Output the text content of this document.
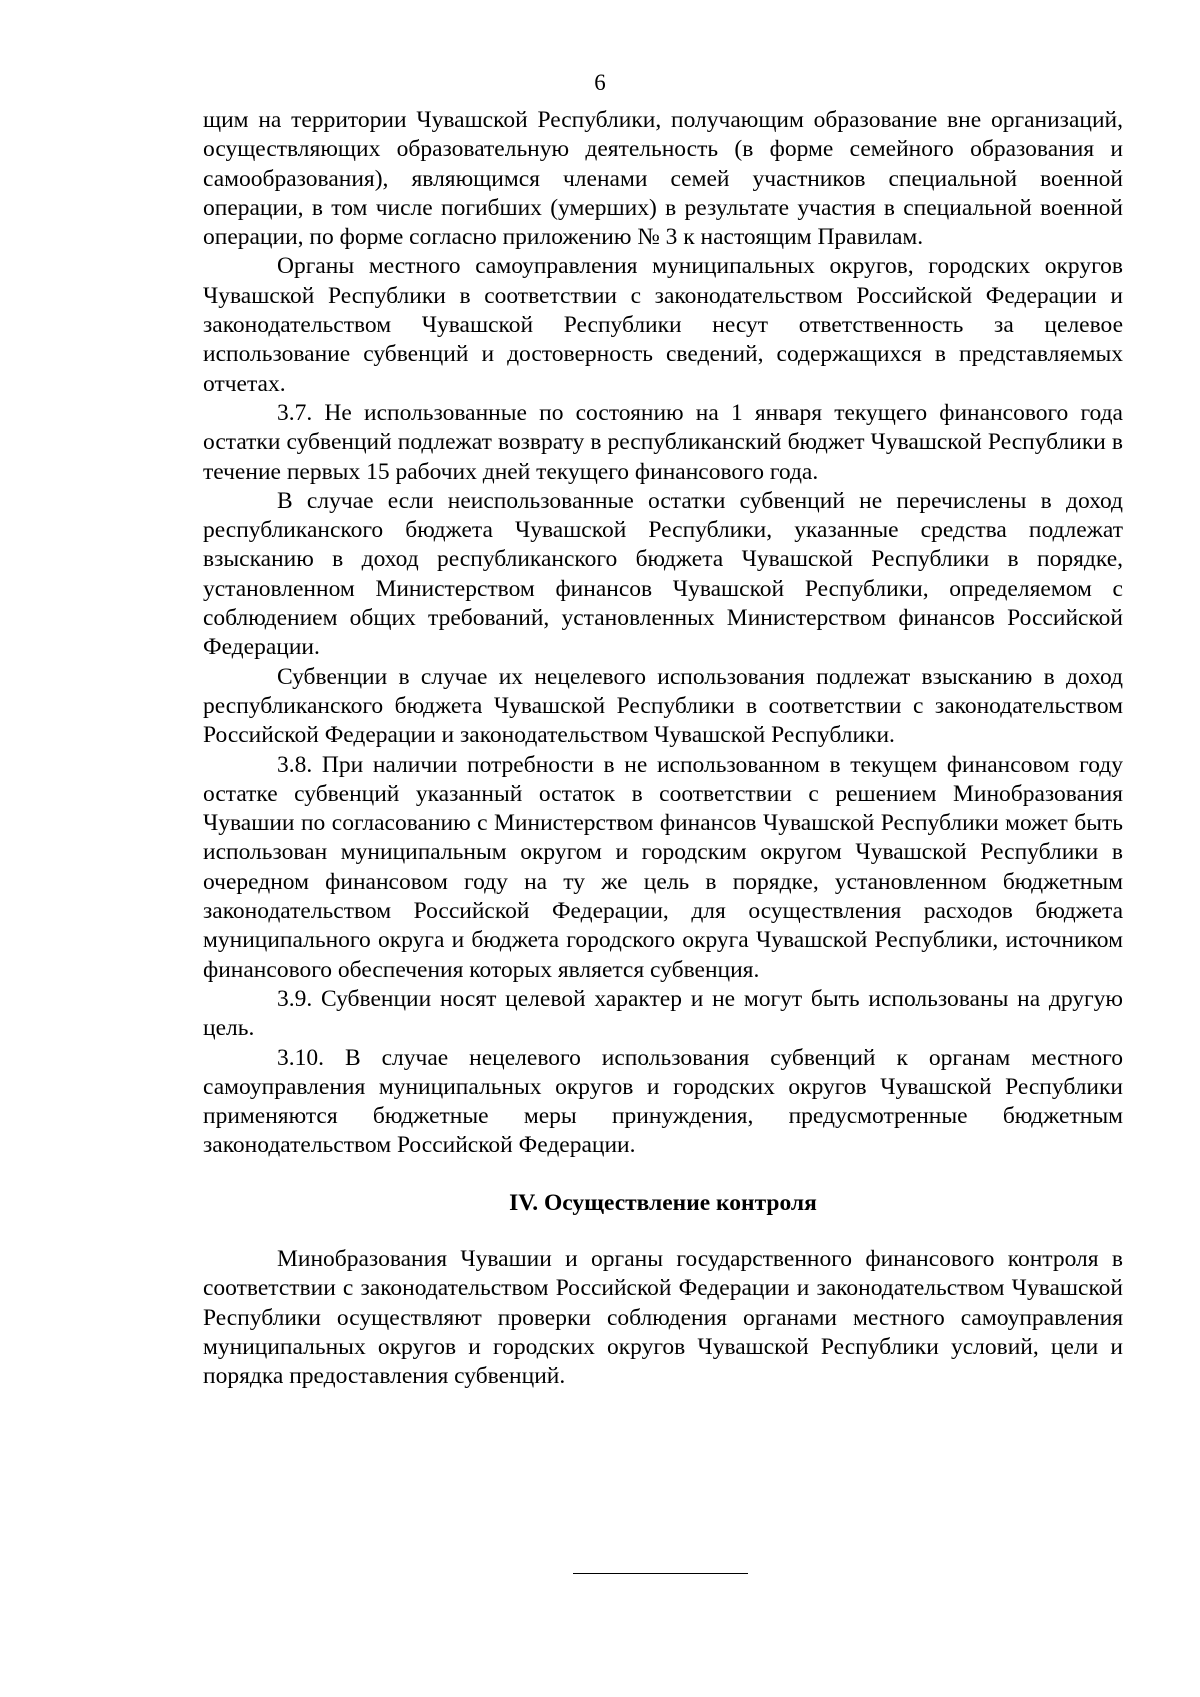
6

щим на территории Чувашской Республики, получающим образование вне организаций, осуществляющих образовательную деятельность (в форме семейного образования и самообразования), являющимся членами семей участников специальной военной операции, в том числе погибших (умерших) в результате участия в специальной военной операции, по форме согласно приложению № 3 к настоящим Правилам.

Органы местного самоуправления муниципальных округов, городских округов Чувашской Республики в соответствии с законодательством Российской Федерации и законодательством Чувашской Республики несут ответственность за целевое использование субвенций и достоверность сведений, содержащихся в представляемых отчетах.

3.7. Не использованные по состоянию на 1 января текущего финансового года остатки субвенций подлежат возврату в республиканский бюджет Чувашской Республики в течение первых 15 рабочих дней текущего финансового года.

В случае если неиспользованные остатки субвенций не перечислены в доход республиканского бюджета Чувашской Республики, указанные средства подлежат взысканию в доход республиканского бюджета Чувашской Республики в порядке, установленном Министерством финансов Чувашской Республики, определяемом с соблюдением общих требований, установленных Министерством финансов Российской Федерации.

Субвенции в случае их нецелевого использования подлежат взысканию в доход республиканского бюджета Чувашской Республики в соответствии с законодательством Российской Федерации и законодательством Чувашской Республики.

3.8. При наличии потребности в не использованном в текущем финансовом году остатке субвенций указанный остаток в соответствии с решением Минобразования Чувашии по согласованию с Министерством финансов Чувашской Республики может быть использован муниципальным округом и городским округом Чувашской Республики в очередном финансовом году на ту же цель в порядке, установленном бюджетным законодательством Российской Федерации, для осуществления расходов бюджета муниципального округа и бюджета городского округа Чувашской Республики, источником финансового обеспечения которых является субвенция.

3.9. Субвенции носят целевой характер и не могут быть использованы на другую цель.

3.10. В случае нецелевого использования субвенций к органам местного самоуправления муниципальных округов и городских округов Чувашской Республики применяются бюджетные меры принуждения, предусмотренные бюджетным законодательством Российской Федерации.

IV. Осуществление контроля

Минобразования Чувашии и органы государственного финансового контроля в соответствии с законодательством Российской Федерации и законодательством Чувашской Республики осуществляют проверки соблюдения органами местного самоуправления муниципальных округов и городских округов Чувашской Республики условий, цели и порядка предоставления субвенций.
